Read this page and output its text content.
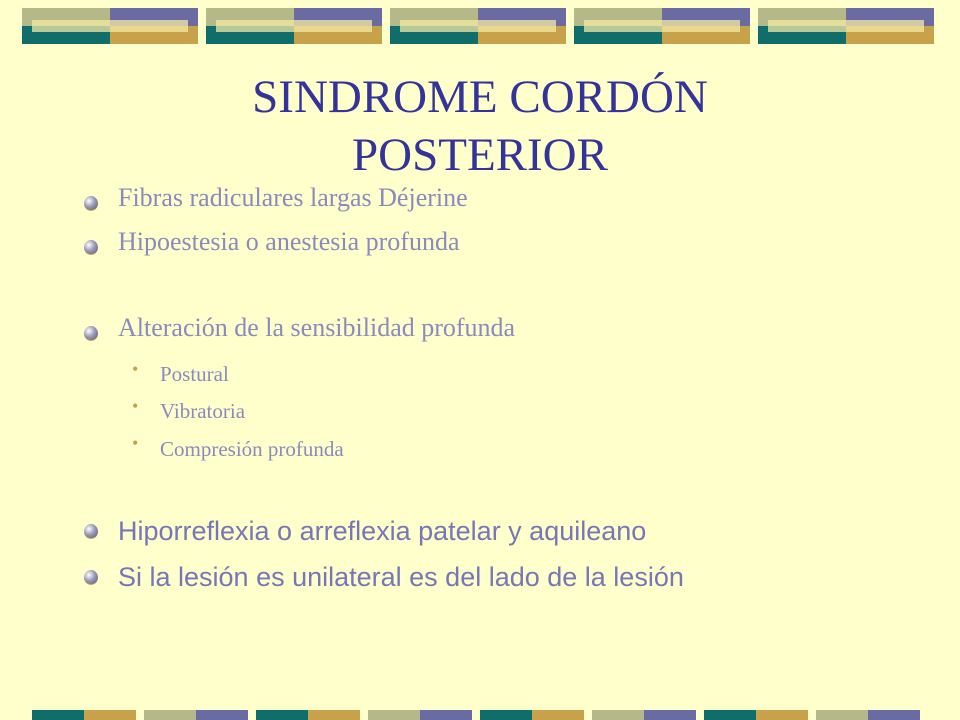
SINDROME CORDÓN POSTERIOR
Fibras radiculares largas Déjerine
Hipoestesia o anestesia profunda
Alteración de la sensibilidad profunda
• Postural
• Vibratoria
• Compresión profunda
Hiporreflexia o arreflexia patelar y aquileano
Si la lesión es unilateral es del lado de la lesión
